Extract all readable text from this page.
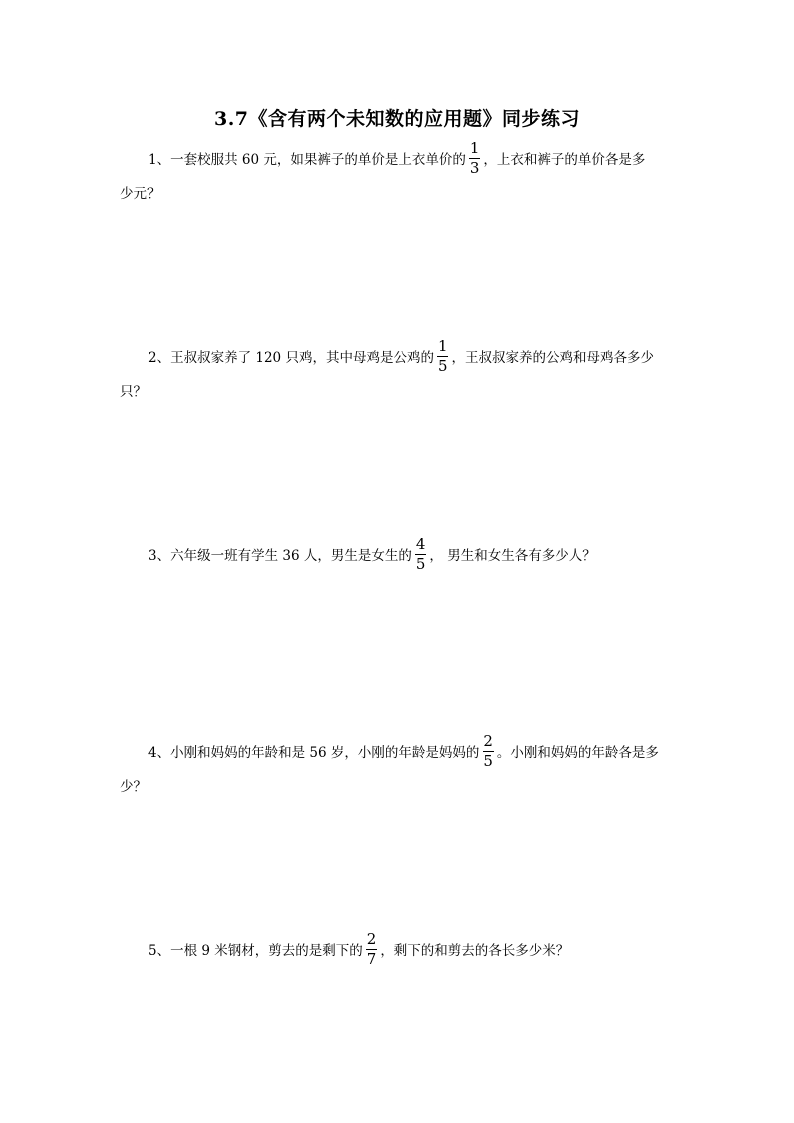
3.7《含有两个未知数的应用题》同步练习
1、一套校服共 60 元，如果裤子的单价是上衣单价的 $\frac{1}{3}$ ，上衣和裤子的单价各是多
少元？
2、王叔叔家养了 120 只鸡，其中母鸡是公鸡的 $\frac{1}{5}$ ，王叔叔家养的公鸡和母鸡各多少
只？
3、六年级一班有学生 36 人，男生是女生的 $\frac{4}{5}$ ， 男生和女生各有多少人？
4、小刚和妈妈的年龄和是 56 岁，小刚的年龄是妈妈的 $\frac{2}{5}$ 。小刚和妈妈的年龄各是多
少？
5、一根 9 米钢材，剪去的是剩下的 $\frac{2}{7}$ ，剩下的和剪去的各长多少米？
